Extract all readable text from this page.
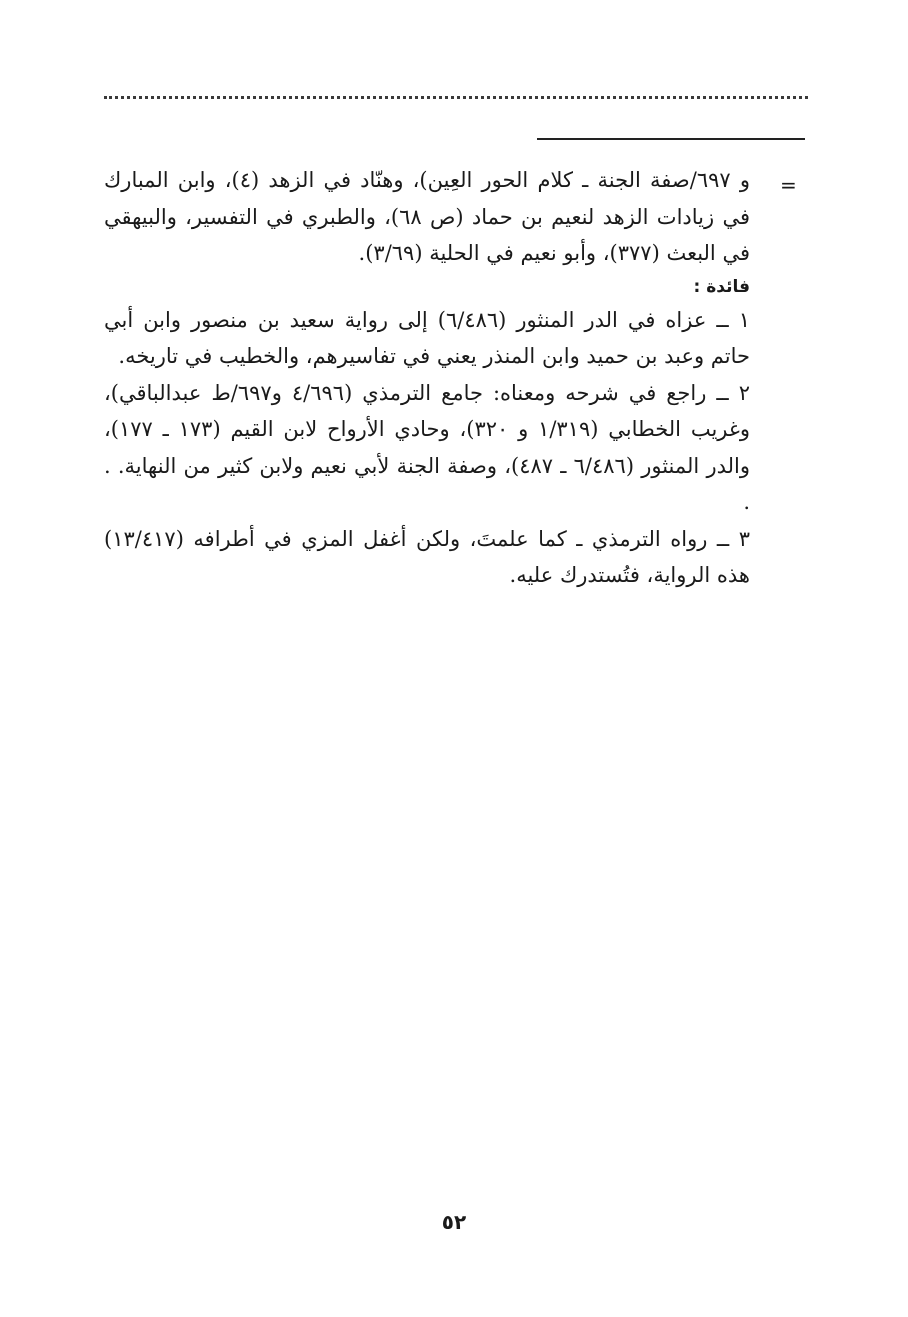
=

و ٦٩٧/صفة الجنة ـ كلام الحور العِين)، وهنّاد في الزهد (٤)، وابن المبارك في زيادات الزهد لنعيم بن حماد (ص ٦٨)، والطبري في التفسير، والبيهقي في البعث (٣٧٧)، وأبو نعيم في الحلية (٣/٦٩).

فائدة :

١ ــ عزاه في الدر المنثور (٦/٤٨٦) إلى رواية سعيد بن منصور وابن أبي حاتم وعبد بن حميد وابن المنذر يعني في تفاسيرهم، والخطيب في تاريخه.

٢ ــ راجع في شرحه ومعناه: جامع الترمذي (٤/٦٩٦ و٦٩٧/ط عبدالباقي)، وغريب الخطابي (١/٣١٩ و ٣٢٠)، وحادي الأرواح لابن القيم (١٧٣ ـ ١٧٧)، والدر المنثور (٦/٤٨٦ ـ ٤٨٧)، وصفة الجنة لأبي نعيم ولابن كثير من النهاية. . .

٣ ــ رواه الترمذي ـ كما علمتَ، ولكن أغفل المزي في أطرافه (١٣/٤١٧) هذه الرواية، فتُستدرك عليه.

٥٢
